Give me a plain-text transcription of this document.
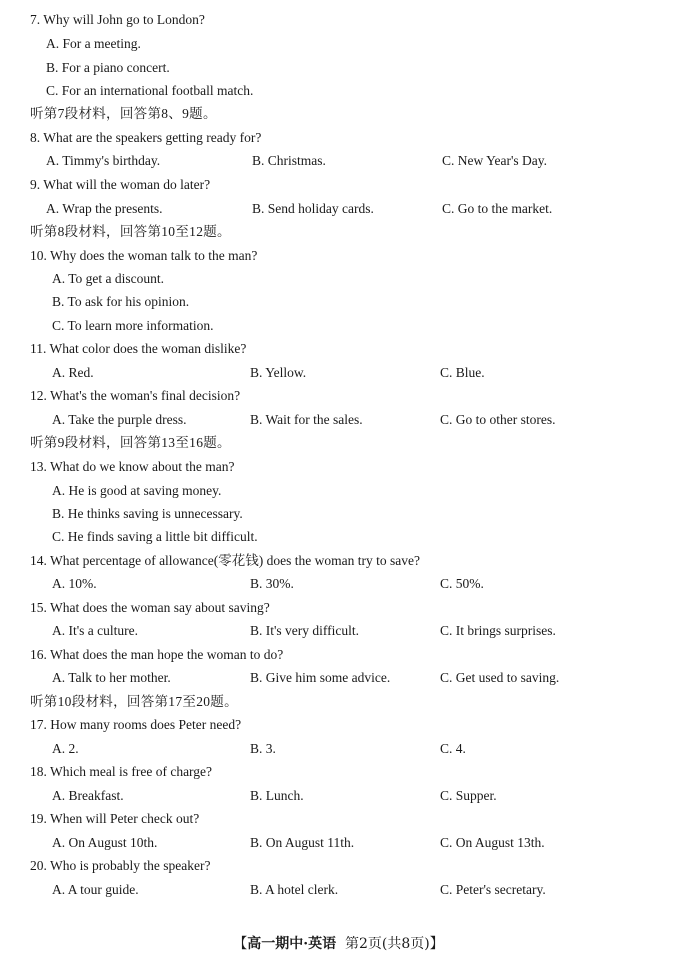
7. Why will John go to London?
A. For a meeting.
B. For a piano concert.
C. For an international football match.
听第7段材料，回答第8、9题。
8. What are the speakers getting ready for?
A. Timmy's birthday.	B. Christmas.	C. New Year's Day.
9. What will the woman do later?
A. Wrap the presents.	B. Send holiday cards.	C. Go to the market.
听第8段材料，回答第10至12题。
10. Why does the woman talk to the man?
A. To get a discount.
B. To ask for his opinion.
C. To learn more information.
11. What color does the woman dislike?
A. Red.	B. Yellow.	C. Blue.
12. What's the woman's final decision?
A. Take the purple dress.	B. Wait for the sales.	C. Go to other stores.
听第9段材料，回答第13至16题。
13. What do we know about the man?
A. He is good at saving money.
B. He thinks saving is unnecessary.
C. He finds saving a little bit difficult.
14. What percentage of allowance(零花钱) does the woman try to save?
A. 10%.	B. 30%.	C. 50%.
15. What does the woman say about saving?
A. It's a culture.	B. It's very difficult.	C. It brings surprises.
16. What does the man hope the woman to do?
A. Talk to her mother.	B. Give him some advice.	C. Get used to saving.
听第10段材料，回答第17至20题。
17. How many rooms does Peter need?
A. 2.	B. 3.	C. 4.
18. Which meal is free of charge?
A. Breakfast.	B. Lunch.	C. Supper.
19. When will Peter check out?
A. On August 10th.	B. On August 11th.	C. On August 13th.
20. Who is probably the speaker?
A. A tour guide.	B. A hotel clerk.	C. Peter's secretary.
【高一期中·英语 第2页(共8页)】
